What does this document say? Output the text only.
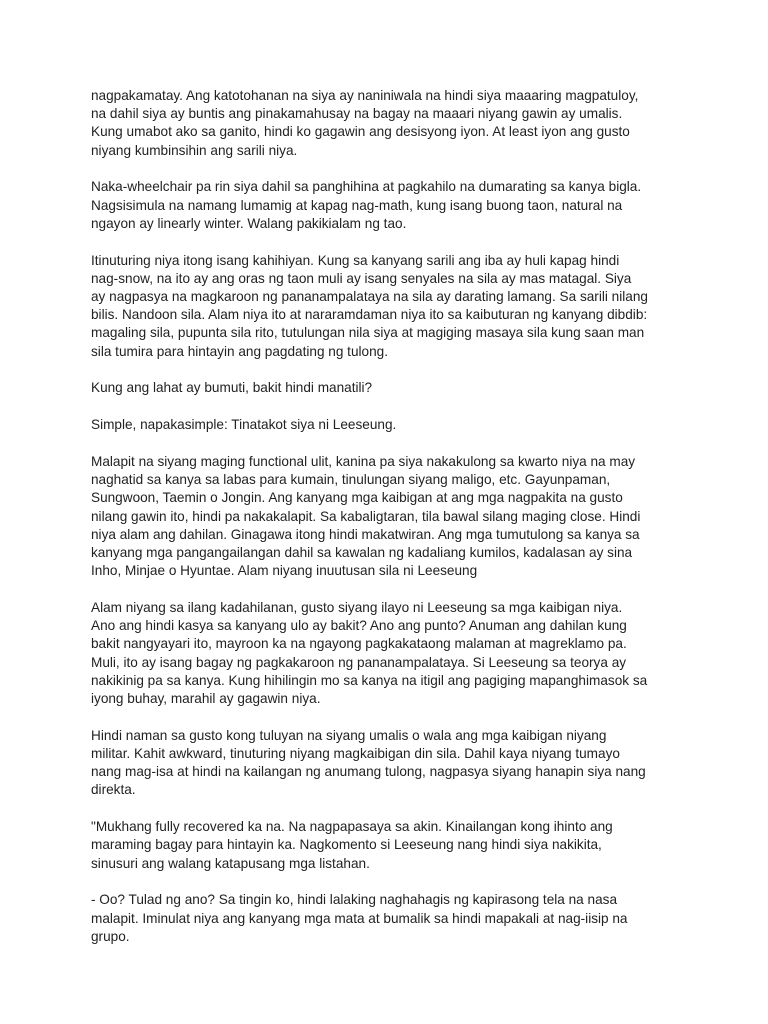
nagpakamatay. Ang katotohanan na siya ay naniniwala na hindi siya maaaring magpatuloy,
na dahil siya ay buntis ang pinakamahusay na bagay na maaari niyang gawin ay umalis.
Kung umabot ako sa ganito, hindi ko gagawin ang desisyong iyon. At least iyon ang gusto
niyang kumbinsihin ang sarili niya.

Naka-wheelchair pa rin siya dahil sa panghihina at pagkahilo na dumarating sa kanya bigla.
Nagsisimula na namang lumamig at kapag nag-math, kung isang buong taon, natural na
ngayon ay linearly winter. Walang pakikialam ng tao.

Itinuturing niya itong isang kahihiyan. Kung sa kanyang sarili ang iba ay huli kapag hindi
nag-snow, na ito ay ang oras ng taon muli ay isang senyales na sila ay mas matagal. Siya
ay nagpasya na magkaroon ng pananampalataya na sila ay darating lamang. Sa sarili nilang
bilis. Nandoon sila. Alam niya ito at nararamdaman niya ito sa kaibuturan ng kanyang dibdib:
magaling sila, pupunta sila rito, tutulungan nila siya at magiging masaya sila kung saan man
sila tumira para hintayin ang pagdating ng tulong.

Kung ang lahat ay bumuti, bakit hindi manatili?

Simple, napakasimple: Tinatakot siya ni Leeseung.

Malapit na siyang maging functional ulit, kanina pa siya nakakulong sa kwarto niya na may
naghatid sa kanya sa labas para kumain, tinulungan siyang maligo, etc. Gayunpaman,
Sungwoon, Taemin o Jongin. Ang kanyang mga kaibigan at ang mga nagpakita na gusto
nilang gawin ito, hindi pa nakakalapit. Sa kabaligtaran, tila bawal silang maging close. Hindi
niya alam ang dahilan. Ginagawa itong hindi makatwiran. Ang mga tumutulong sa kanya sa
kanyang mga pangangailangan dahil sa kawalan ng kadaliang kumilos, kadalasan ay sina
Inho, Minjae o Hyuntae. Alam niyang inuutusan sila ni Leeseung

Alam niyang sa ilang kadahilanan, gusto siyang ilayo ni Leeseung sa mga kaibigan niya.
Ano ang hindi kasya sa kanyang ulo ay bakit? Ano ang punto? Anuman ang dahilan kung
bakit nangyayari ito, mayroon ka na ngayong pagkakataong malaman at magreklamo pa.
Muli, ito ay isang bagay ng pagkakaroon ng pananampalataya. Si Leeseung sa teorya ay
nakikinig pa sa kanya. Kung hihilingin mo sa kanya na itigil ang pagiging mapanghimasok sa
iyong buhay, marahil ay gagawin niya.

Hindi naman sa gusto kong tuluyan na siyang umalis o wala ang mga kaibigan niyang
militar. Kahit awkward, tinuturing niyang magkaibigan din sila. Dahil kaya niyang tumayo
nang mag-isa at hindi na kailangan ng anumang tulong, nagpasya siyang hanapin siya nang
direkta.

"Mukhang fully recovered ka na. Na nagpapasaya sa akin. Kinailangan kong ihinto ang
maraming bagay para hintayin ka. Nagkomento si Leeseung nang hindi siya nakikita,
sinusuri ang walang katapusang mga listahan.

- Oo? Tulad ng ano? Sa tingin ko, hindi lalaking naghahagis ng kapirasong tela na nasa
malapit. Iminulat niya ang kanyang mga mata at bumalik sa hindi mapakali at nag-iisip na
grupo.
